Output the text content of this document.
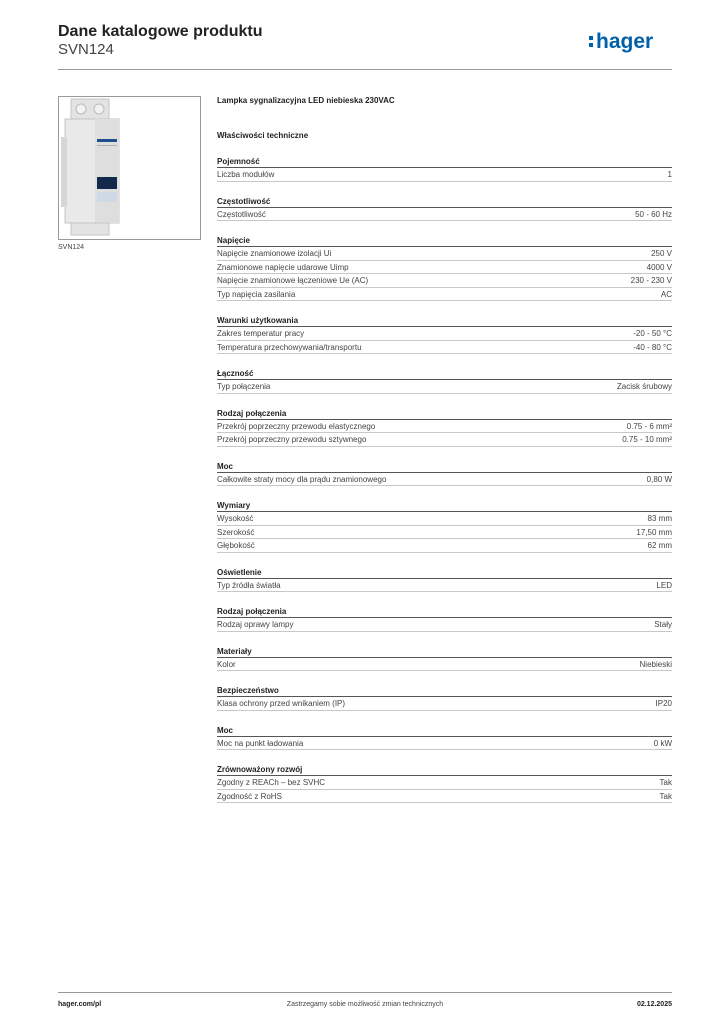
Dane katalogowe produktu
SVN124	hager
SVN124
Lampka sygnalizacyjna LED niebieska 230VAC
Właściwości techniczne
Pojemność
Liczba modułów	1
Częstotliwość
Częstotliwość	50 - 60 Hz
Napięcie
Napięcie znamionowe izolacji Ui	250 V
Znamionowe napięcie udarowe Uimp	4000 V
Napięcie znamionowe łączeniowe Ue (AC)	230 - 230 V
Typ napięcia zasilania	AC
Warunki użytkowania
Zakres temperatur pracy	-20 - 50 °C
Temperatura przechowywania/transportu	-40 - 80 °C
Łączność
Typ połączenia	Zacisk śrubowy
Rodzaj połączenia
Przekrój poprzeczny przewodu elastycznego	0.75 - 6 mm²
Przekrój poprzeczny przewodu sztywnego	0.75 - 10 mm²
Moc
Całkowite straty mocy dla prądu znamionowego	0,80 W
Wymiary
Wysokość	83 mm
Szerokość	17,50 mm
Głębokość	62 mm
Oświetlenie
Typ źródła światła	LED
Rodzaj połączenia
Rodzaj oprawy lampy	Stały
Materiały
Kolor	Niebieski
Bezpieczeństwo
Klasa ochrony przed wnikaniem (IP)	IP20
Moc
Moc na punkt ładowania	0 kW
Zrównoważony rozwój
Zgodny z REACh – bez SVHC	Tak
Zgodność z RoHS	Tak
hager.com/pl	Zastrzegamy sobie możliwość zmian technicznych	02.12.2025
